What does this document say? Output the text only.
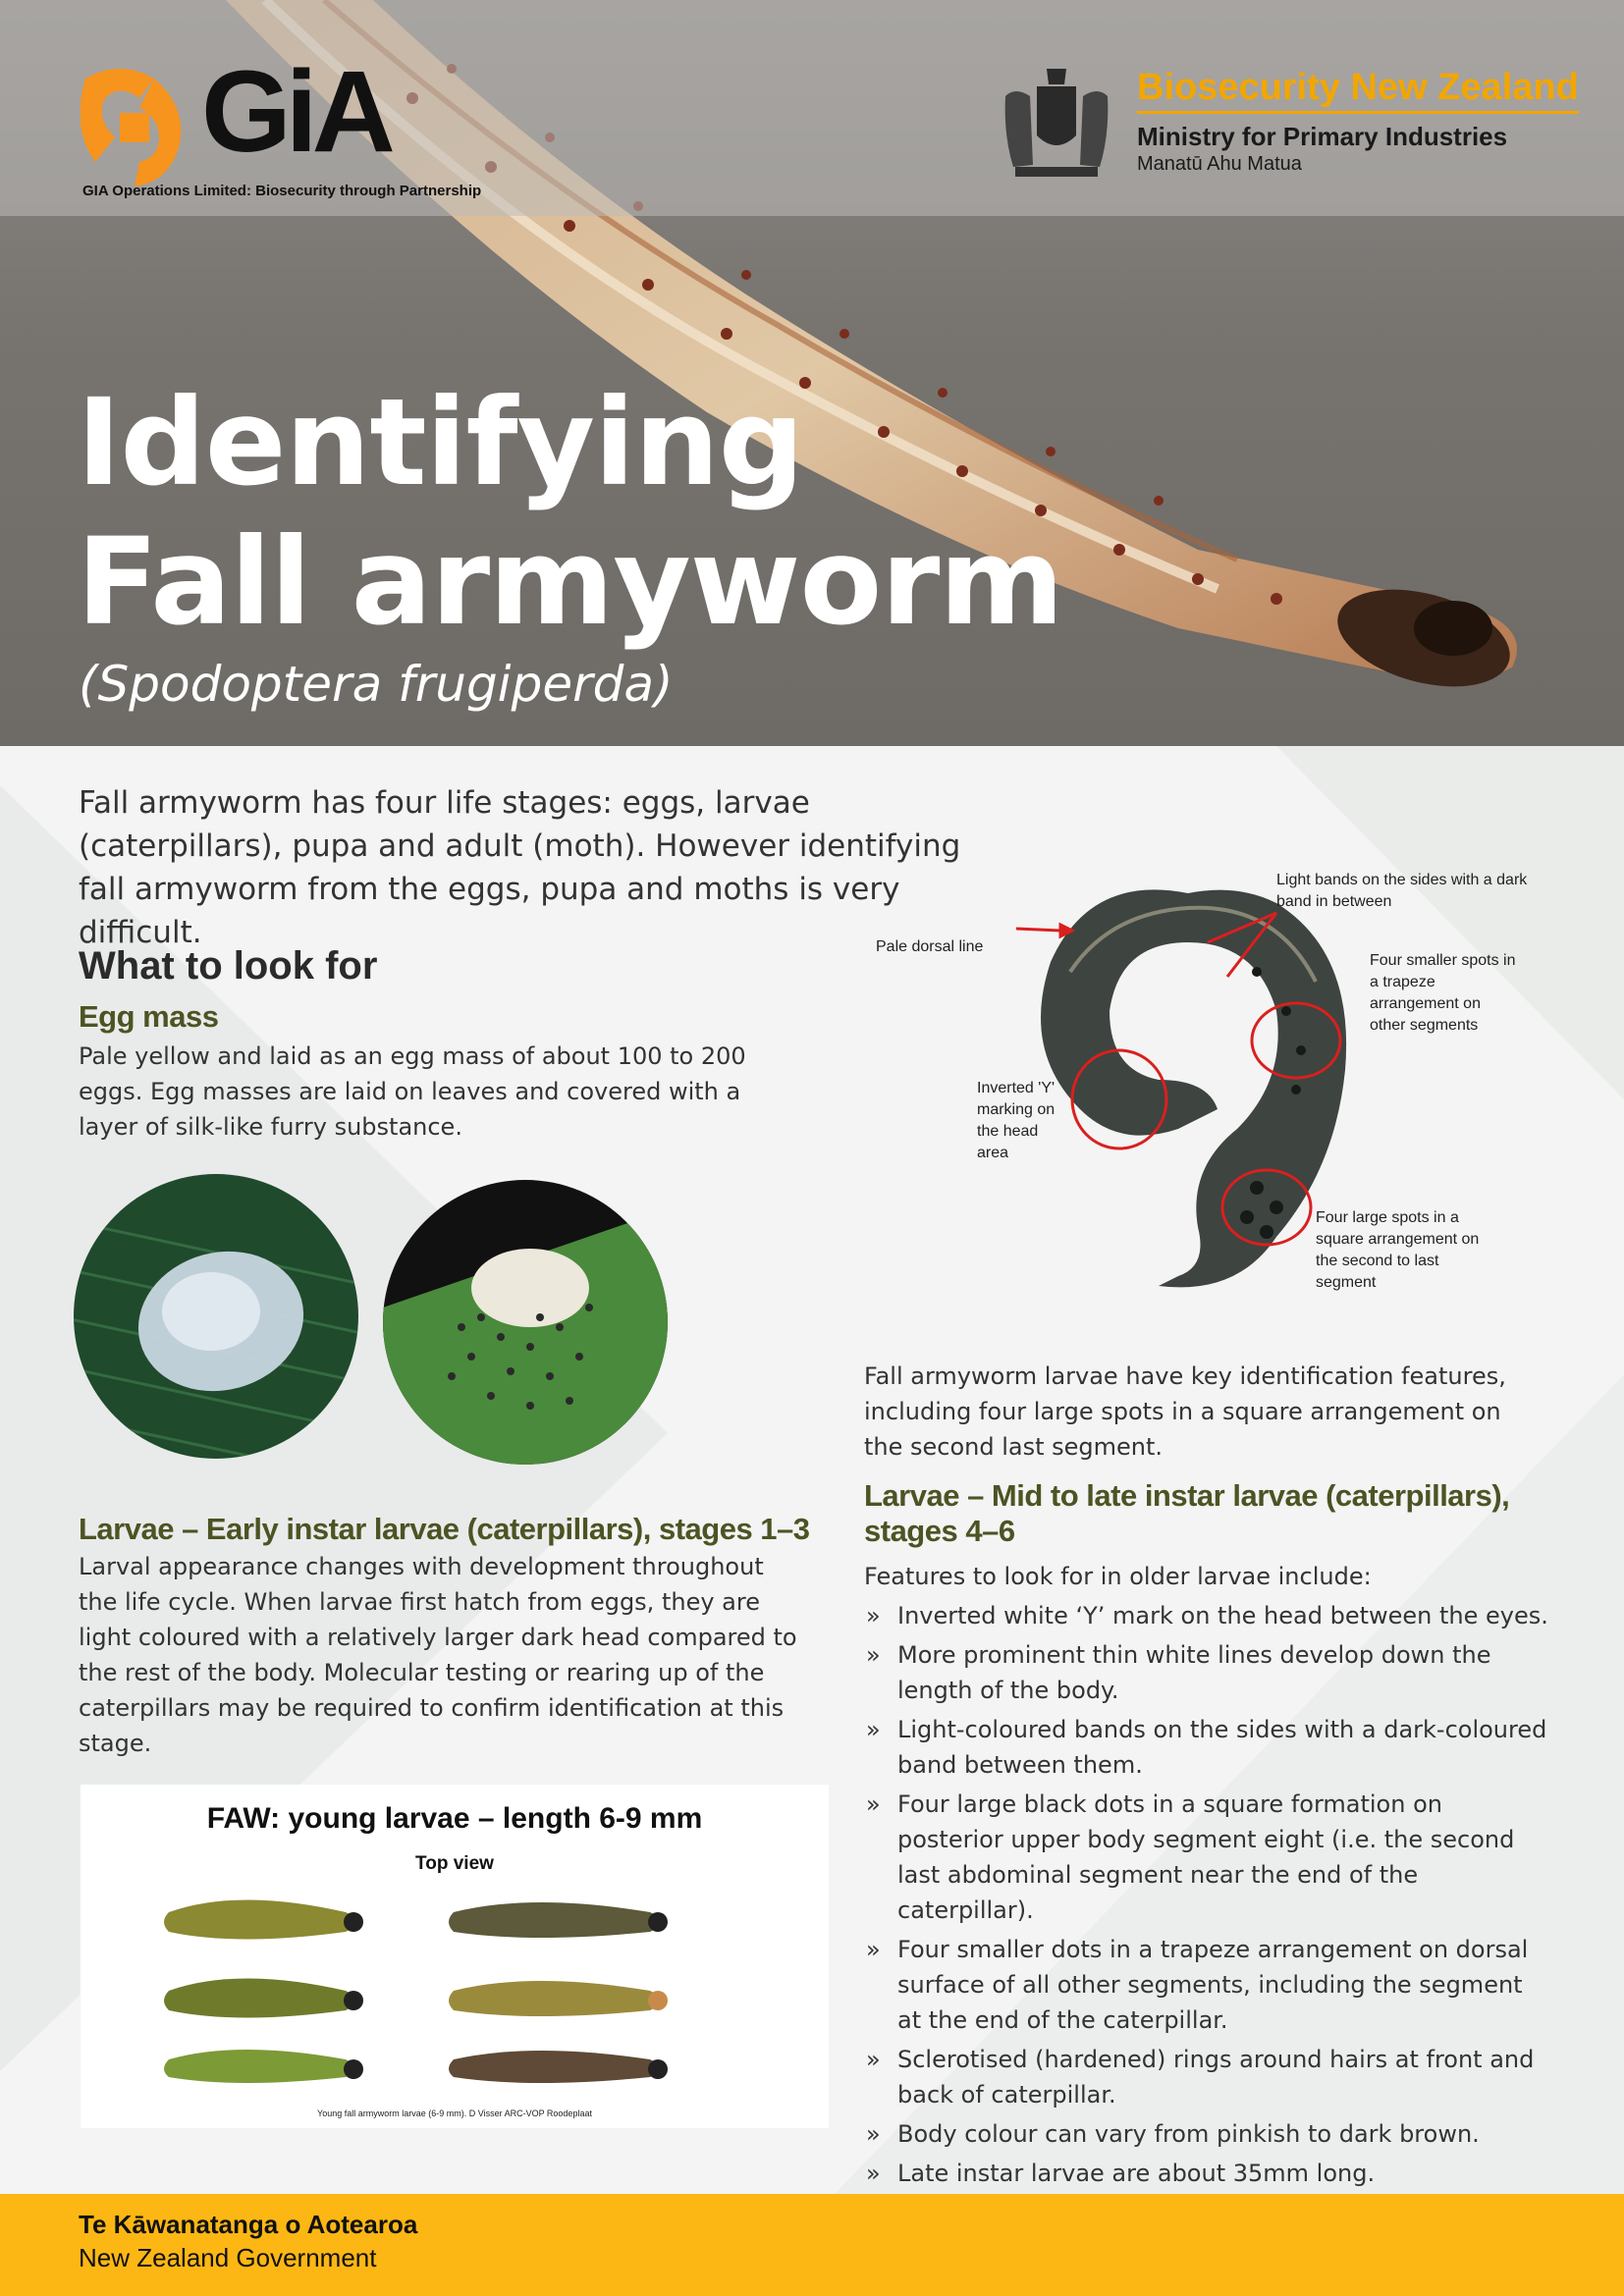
GiA
GIA Operations Limited: Biosecurity through Partnership
Biosecurity New Zealand
Ministry for Primary Industries
Manatū Ahu Matua
Identifying
Fall armyworm
(Spodoptera frugiperda)

Fall armyworm has four life stages: eggs, larvae (caterpillars), pupa and adult (moth). However identifying fall armyworm from the eggs, pupa and moths is very difficult.

What to look for
Egg mass

Pale yellow and laid as an egg mass of about 100 to 200 eggs. Egg masses are laid on leaves and covered with a layer of silk-like furry substance.

Larvae – Early instar larvae (caterpillars), stages 1–3

Larval appearance changes with development throughout the life cycle. When larvae first hatch from eggs, they are light coloured with a relatively larger dark head compared to the rest of the body. Molecular testing or rearing up of the caterpillars may be required to confirm identification at this stage.

FAW: young larvae – length 6-9 mm
Top view
Young fall armyworm larvae (6-9 mm). D Visser ARC-VOP Roodeplaat
Light bands on the sides with a dark band in between
Pale dorsal line
Four smaller spots in a trapeze arrangement on other segments
Inverted 'Y' marking on the head area
Four large spots in a square arrangement on the second to last segment

Fall armyworm larvae have key identification features, including four large spots in a square arrangement on the second last segment.

Larvae – Mid to late instar larvae (caterpillars), stages 4–6

Features to look for in older larvae include:

» Inverted white ‘Y’ mark on the head between the eyes.
» More prominent thin white lines develop down the length of the body.
» Light-coloured bands on the sides with a dark-coloured band between them.
» Four large black dots in a square formation on posterior upper body segment eight (i.e. the second last abdominal segment near the end of the caterpillar).
» Four smaller dots in a trapeze arrangement on dorsal surface of all other segments, including the segment at the end of the caterpillar.
» Sclerotised (hardened) rings around hairs at front and back of caterpillar.
» Body colour can vary from pinkish to dark brown.
» Late instar larvae are about 35mm long.
Te Kāwanatanga o Aotearoa
New Zealand Government
